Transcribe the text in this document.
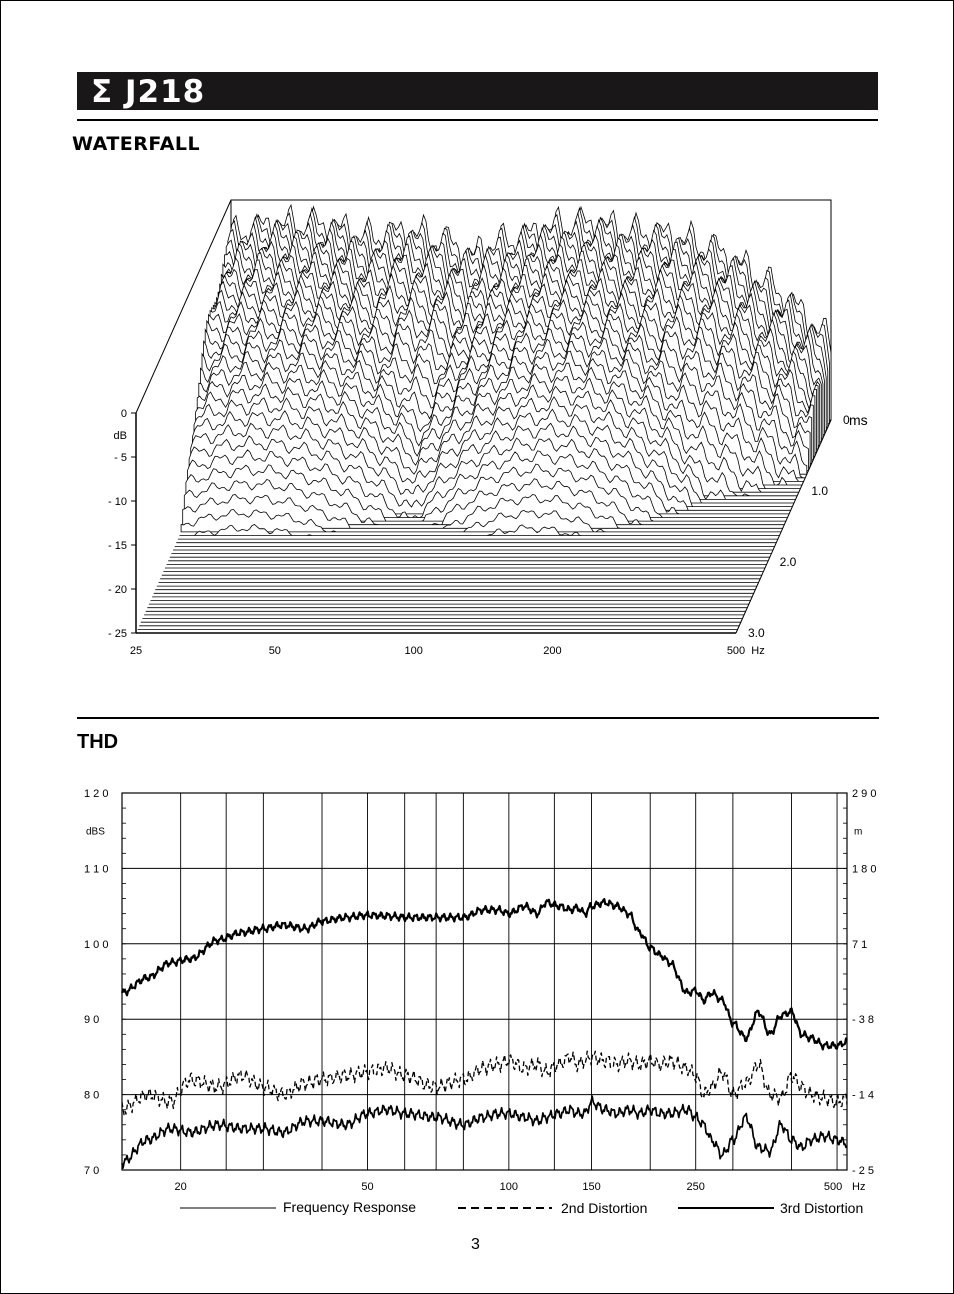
Σ J218
WATERFALL
0
- 5
- 10
- 15
- 20
- 25
dB
25	50	100	200	500 Hz
0
1.0
2.0
3.0
ms
THD
1 2 0	2 9 0
1 1 0	1 8 0
1 0 0	7 1
9 0	- 3 8
8 0	- 1 4
7 0	- 2 5
dBS	m
20	50	100	150	250	500 Hz
Frequency Response	2nd Distortion	3rd Distortion
3
